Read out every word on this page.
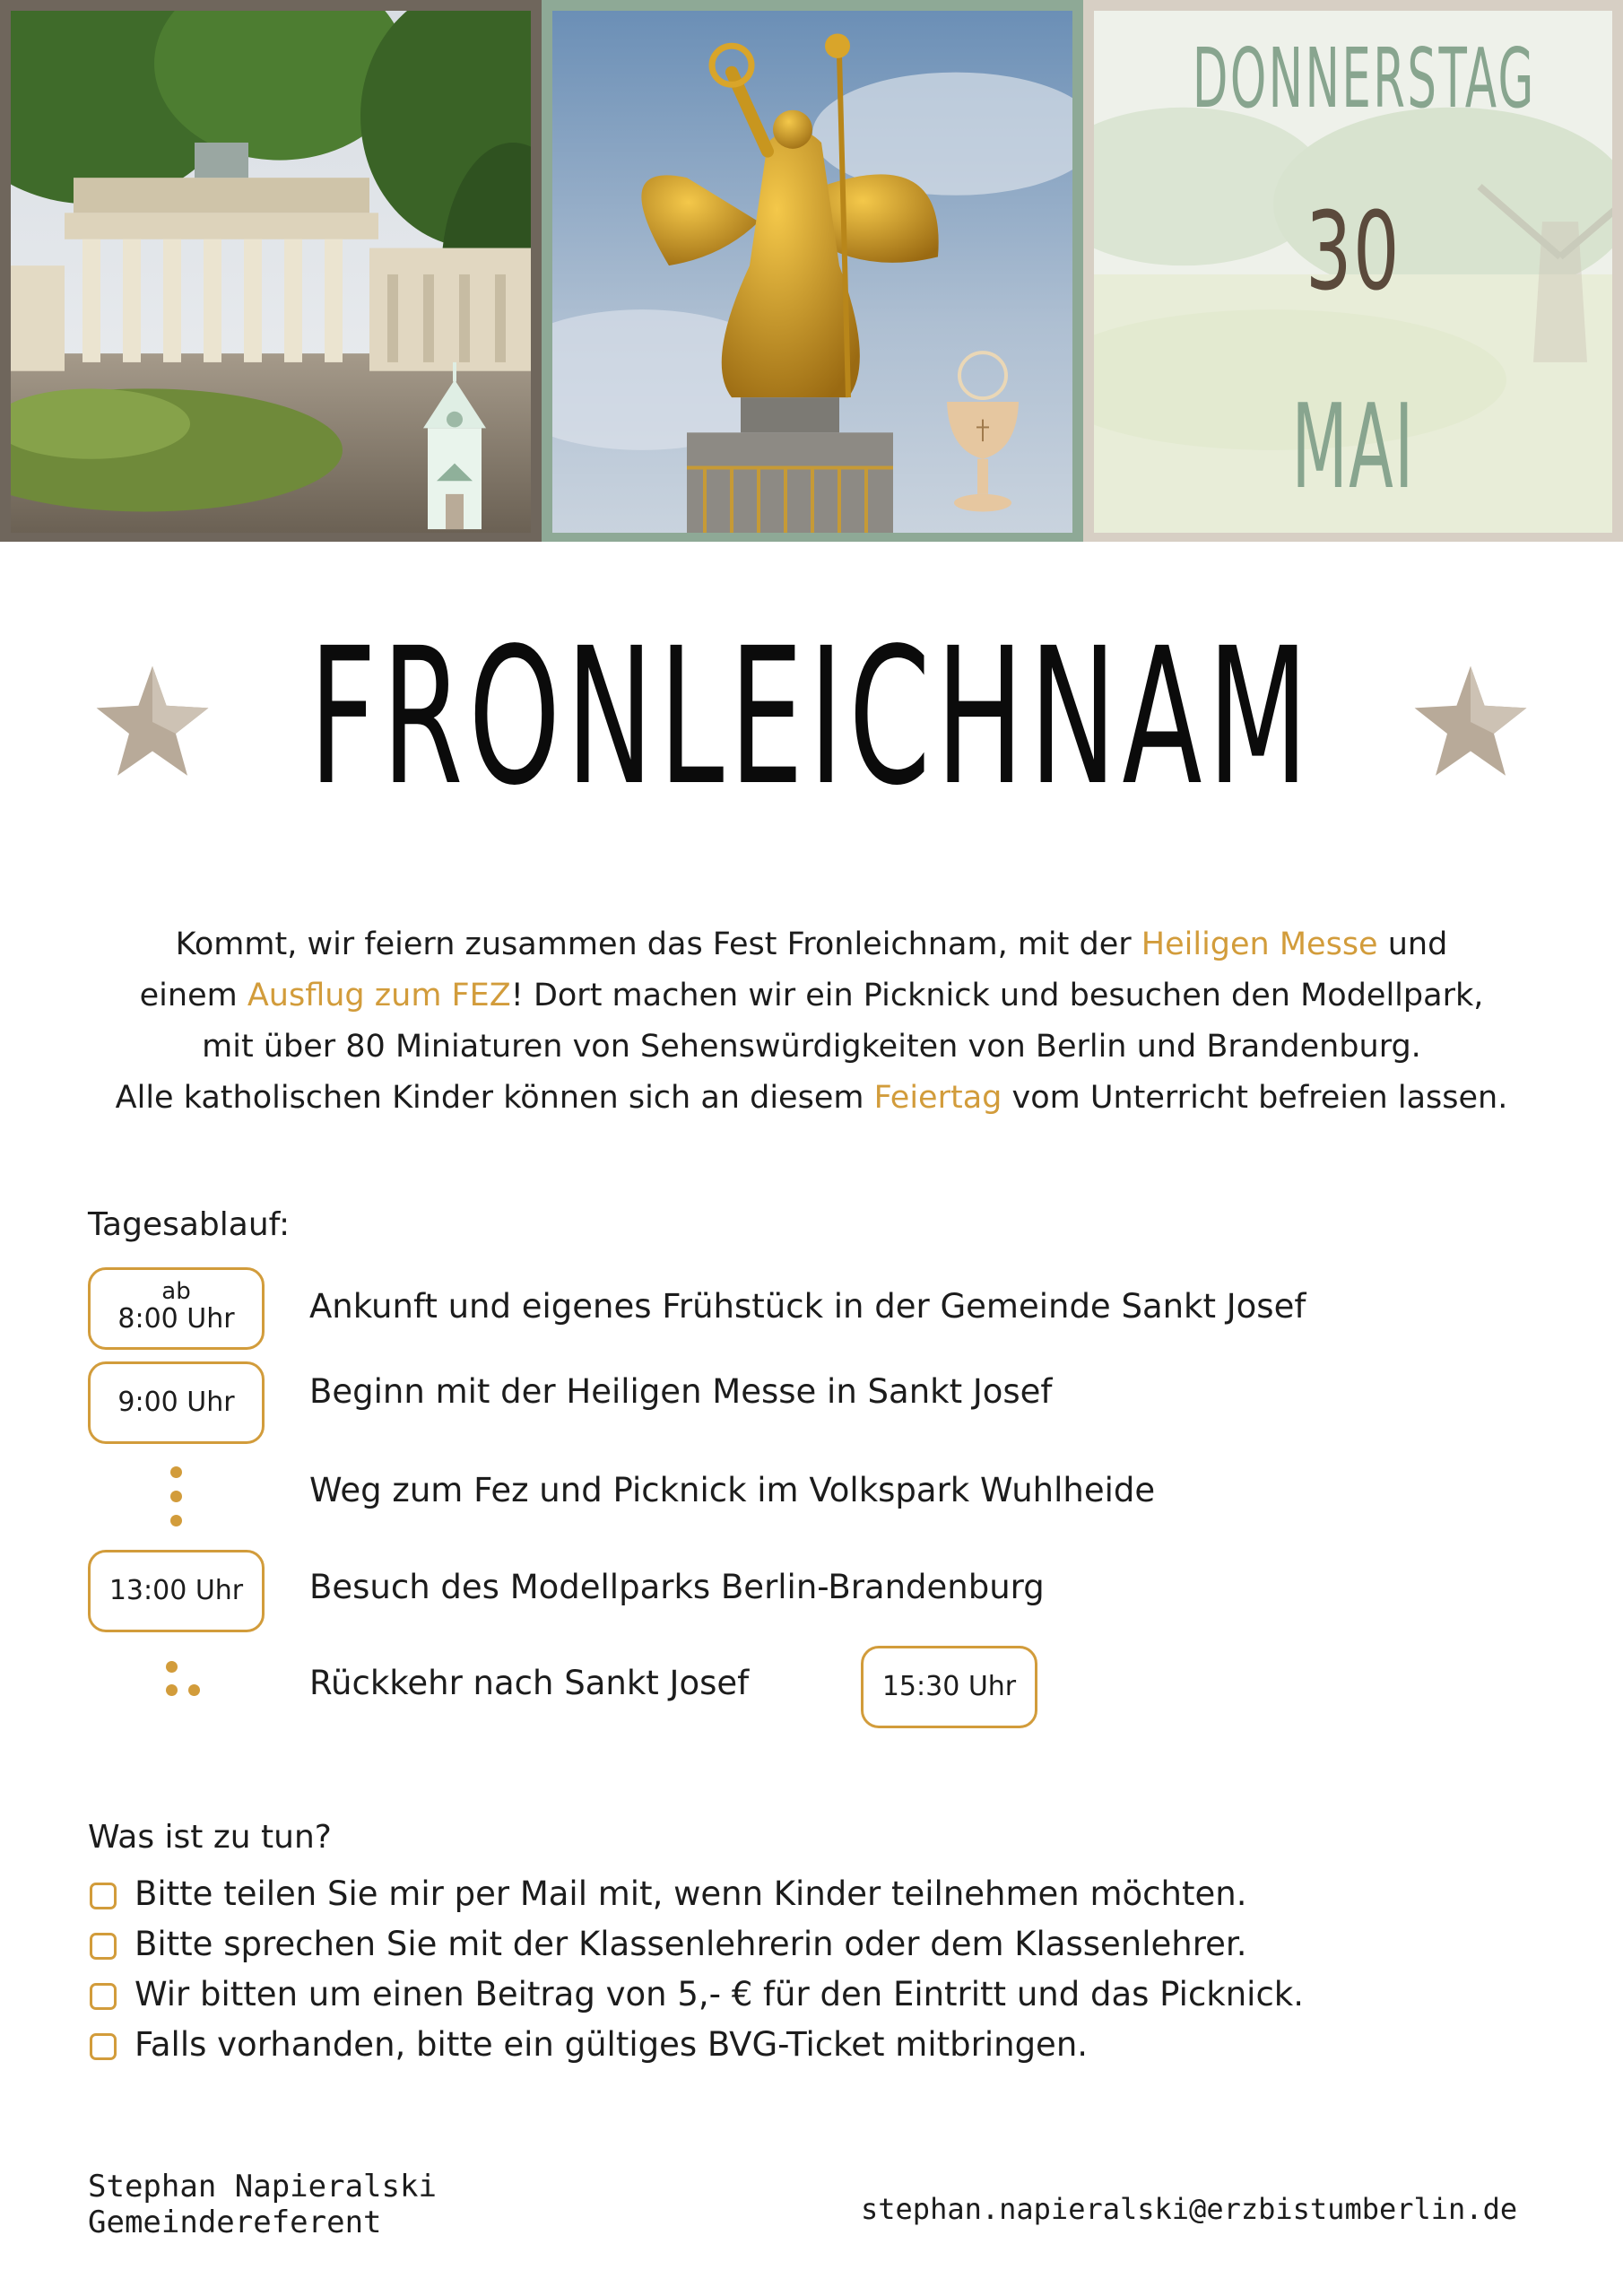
DONNERSTAG
30
MAI
FRONLEICHNAM
Kommt, wir feiern zusammen das Fest Fronleichnam, mit der Heiligen Messe und
einem Ausflug zum FEZ! Dort machen wir ein Picknick und besuchen den Modellpark,
mit über 80 Miniaturen von Sehenswürdigkeiten von Berlin und Brandenburg.
Alle katholischen Kinder können sich an diesem Feiertag vom Unterricht befreien lassen.
Tagesablauf:
ab
8:00 Uhr	Ankunft und eigenes Frühstück in der Gemeinde Sankt Josef
9:00 Uhr	Beginn mit der Heiligen Messe in Sankt Josef
Weg zum Fez und Picknick im Volkspark Wuhlheide
13:00 Uhr	Besuch des Modellparks Berlin-Brandenburg
Rückkehr nach Sankt Josef	15:30 Uhr
Was ist zu tun?
Bitte teilen Sie mir per Mail mit, wenn Kinder teilnehmen möchten.
Bitte sprechen Sie mit der Klassenlehrerin oder dem Klassenlehrer.
Wir bitten um einen Beitrag von 5,- € für den Eintritt und das Picknick.
Falls vorhanden, bitte ein gültiges BVG-Ticket mitbringen.
Stephan Napieralski
Gemeindereferent	stephan.napieralski@erzbistumberlin.de
